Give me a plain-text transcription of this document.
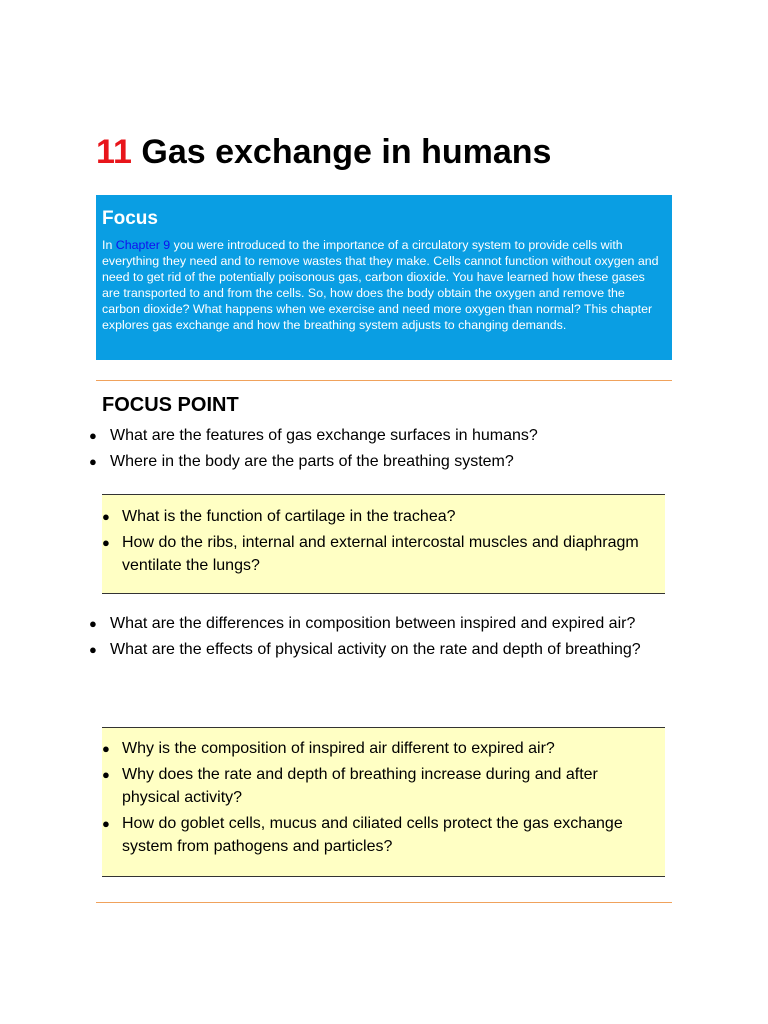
11 Gas exchange in humans
Focus

In Chapter 9 you were introduced to the importance of a circulatory system to provide cells with everything they need and to remove wastes that they make. Cells cannot function without oxygen and need to get rid of the potentially poisonous gas, carbon dioxide. You have learned how these gases are transported to and from the cells. So, how does the body obtain the oxygen and remove the carbon dioxide? What happens when we exercise and need more oxygen than normal? This chapter explores gas exchange and how the breathing system adjusts to changing demands.

FOCUS POINT
● What are the features of gas exchange surfaces in humans?
● Where in the body are the parts of the breathing system?
● What is the function of cartilage in the trachea?
● How do the ribs, internal and external intercostal muscles and diaphragm ventilate the lungs?
● What are the differences in composition between inspired and expired air?
● What are the effects of physical activity on the rate and depth of breathing?
● Why is the composition of inspired air different to expired air?
● Why does the rate and depth of breathing increase during and after physical activity?
● How do goblet cells, mucus and ciliated cells protect the gas exchange system from pathogens and particles?
